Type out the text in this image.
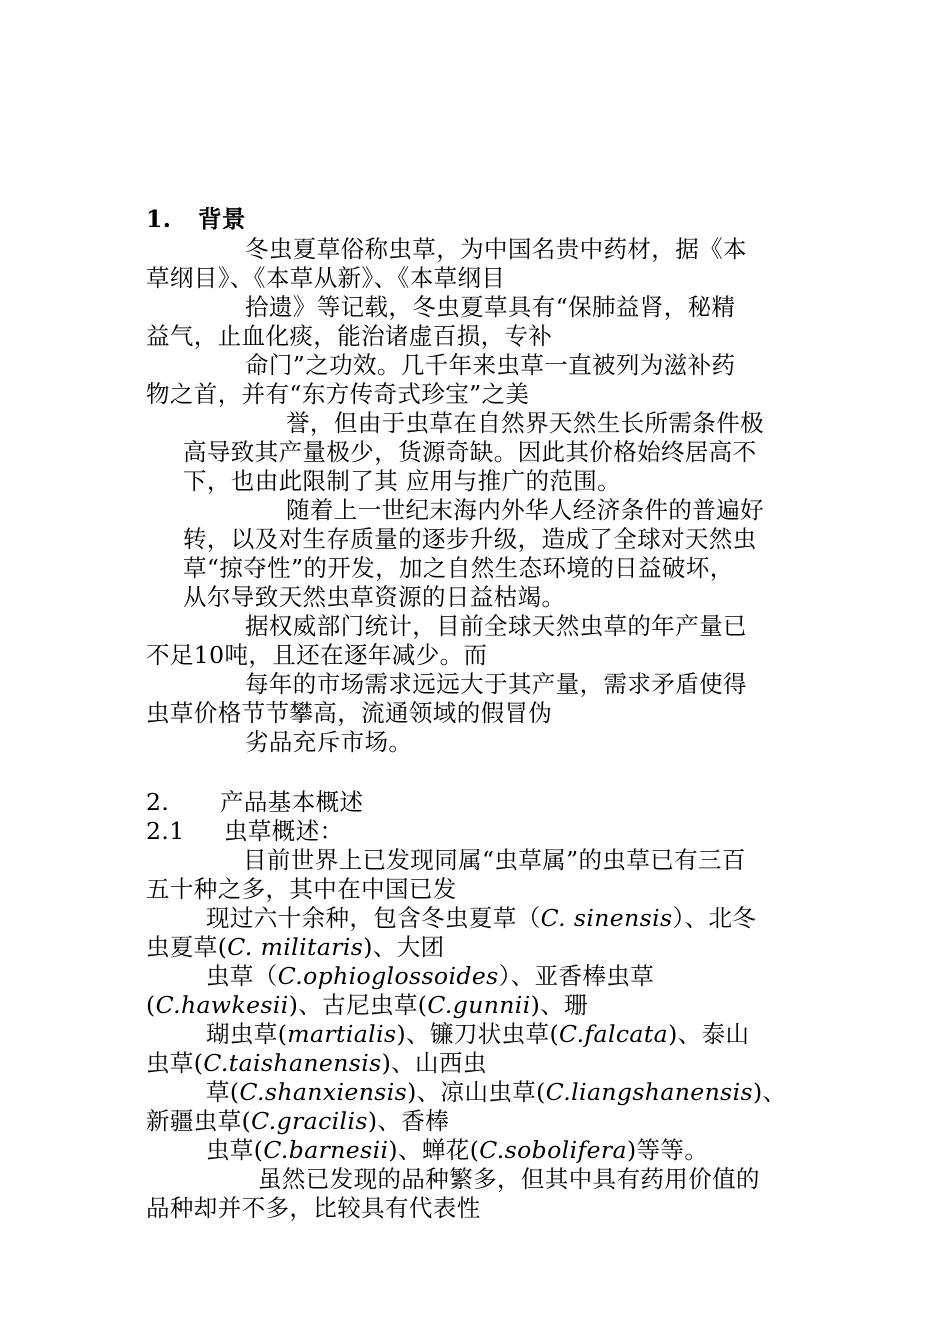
1. 背景
冬虫夏草俗称虫草，为中国名贵中药材，据《本
草纲目》、《本草从新》、《本草纲目
拾遗》等记载，冬虫夏草具有“保肺益肾，秘精
益气，止血化痰，能治诸虚百损，专补
命门”之功效。几千年来虫草一直被列为滋补药
物之首，并有“东方传奇式珍宝”之美
誉，但由于虫草在自然界天然生长所需条件极
高导致其产量极少，货源奇缺。因此其价格始终居高不
下，也由此限制了其 应用与推广的范围。
随着上一世纪末海内外华人经济条件的普遍好
转，以及对生存质量的逐步升级，造成了全球对天然虫
草“掠夺性”的开发，加之自然生态环境的日益破坏，
从尔导致天然虫草资源的日益枯竭。
据权威部门统计，目前全球天然虫草的年产量已
不足10吨，且还在逐年减少。而
每年的市场需求远远大于其产量，需求矛盾使得
虫草价格节节攀高，流通领域的假冒伪
劣品充斥市场。
2. 产品基本概述
2.1 虫草概述：
目前世界上已发现同属“虫草属”的虫草已有三百
五十种之多，其中在中国已发
现过六十余种，包含冬虫夏草（C. sinensis）、北冬
虫夏草(C. militaris)、大团
虫草（C.ophioglossoides）、亚香棒虫草
(C.hawkesii)、古尼虫草(C.gunnii)、珊
瑚虫草(martialis)、镰刀状虫草(C.falcata)、泰山
虫草(C.taishanensis)、山西虫
草(C.shanxiensis)、凉山虫草(C.liangshanensis)、
新疆虫草(C.gracilis)、香棒
虫草(C.barnesii)、蝉花(C.sobolifera)等等。
虽然已发现的品种繁多，但其中具有药用价值的
品种却并不多，比较具有代表性
